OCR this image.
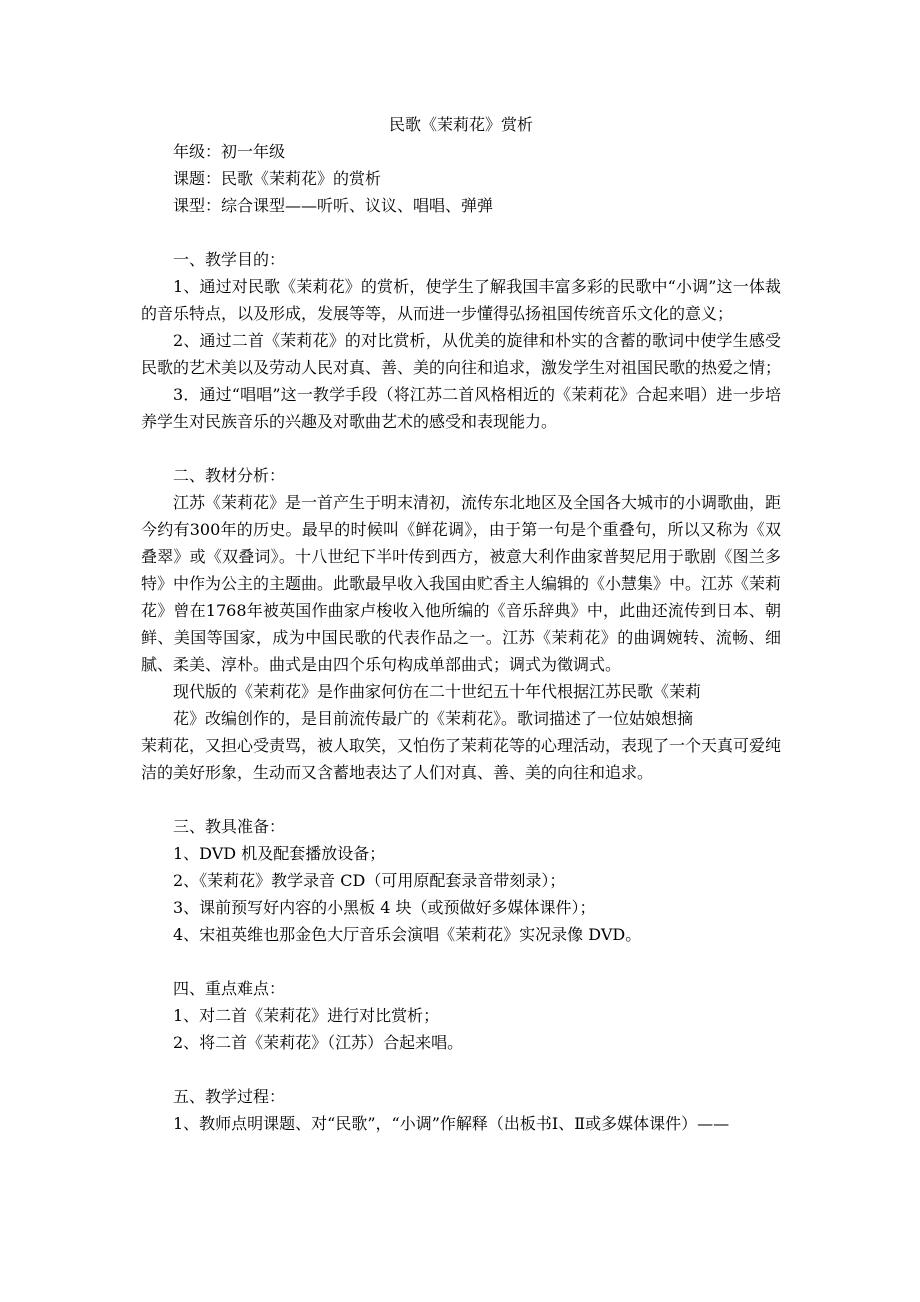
民歌《茉莉花》赏析
年级：初一年级
课题：民歌《茉莉花》的赏析
课型：综合课型——听听、议议、唱唱、弹弹
一、教学目的：

1、通过对民歌《茉莉花》的赏析，使学生了解我国丰富多彩的民歌中“小调”这一体裁的音乐特点，以及形成，发展等等，从而进一步懂得弘扬祖国传统音乐文化的意义；

2、通过二首《茉莉花》的对比赏析，从优美的旋律和朴实的含蓄的歌词中使学生感受民歌的艺术美以及劳动人民对真、善、美的向往和追求，激发学生对祖国民歌的热爱之情；

3．通过“唱唱”这一教学手段（将江苏二首风格相近的《茉莉花》合起来唱）进一步培养学生对民族音乐的兴趣及对歌曲艺术的感受和表现能力。

二、教材分析：

江苏《茉莉花》是一首产生于明末清初，流传东北地区及全国各大城市的小调歌曲，距今约有300年的历史。最早的时候叫《鲜花调》，由于第一句是个重叠句，所以又称为《双叠翠》或《双叠词》。十八世纪下半叶传到西方，被意大利作曲家普契尼用于歌剧《图兰多特》中作为公主的主题曲。此歌最早收入我国由贮香主人编辑的《小慧集》中。江苏《茉莉花》曾在1768年被英国作曲家卢梭收入他所编的《音乐辞典》中，此曲还流传到日本、朝鲜、美国等国家，成为中国民歌的代表作品之一。江苏《茉莉花》的曲调婉转、流畅、细腻、柔美、淳朴。曲式是由四个乐句构成单部曲式；调式为徵调式。

现代版的《茉莉花》是作曲家何仿在二十世纪五十年代根据江苏民歌《茉莉
花》改编创作的，是目前流传最广的《茉莉花》。歌词描述了一位姑娘想摘

茉莉花，又担心受责骂，被人取笑，又怕伤了茉莉花等的心理活动，表现了一个天真可爱纯洁的美好形象，生动而又含蓄地表达了人们对真、善、美的向往和追求。

三、教具准备：
1、DVD 机及配套播放设备；
2、《茉莉花》教学录音 CD（可用原配套录音带刻录）；
3、课前预写好内容的小黑板 4 块（或预做好多媒体课件）；
4、宋祖英维也那金色大厅音乐会演唱《茉莉花》实况录像 DVD。
四、重点难点：
1、对二首《茉莉花》进行对比赏析；
2、将二首《茉莉花》（江苏）合起来唱。
五、教学过程：

1、教师点明课题、对“民歌”，“小调”作解释（出板书Ⅰ、Ⅱ或多媒体课件）——
